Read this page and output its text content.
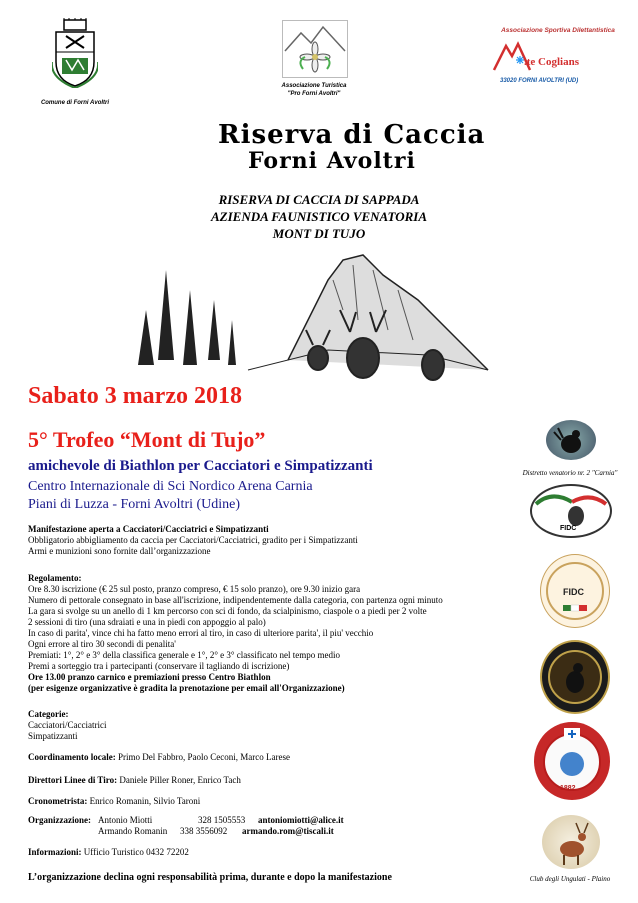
Comune di Forni Avoltri
Associazione Turistica
"Pro Forni Avoltri"
Associazione Sportiva Dilettantistica
.te Coglians
33020 FORNI AVOLTRI (UD)
Riserva di Caccia
Forni Avoltri
RISERVA DI CACCIA DI SAPPADA
AZIENDA FAUNISTICO VENATORIA
MONT DI TUJO
Sabato 3 marzo 2018
5° Trofeo “Mont di Tujo”
amichevole di Biathlon per Cacciatori e Simpatizzanti
Centro Internazionale di Sci Nordico Arena Carnia
Piani di Luzza - Forni Avoltri (Udine)
Manifestazione aperta a Cacciatori/Cacciatrici e Simpatizzanti
Obbligatorio abbigliamento da caccia per Cacciatori/Cacciatrici, gradito per i Simpatizzanti
Armi e munizioni sono fornite dall’organizzazione
Regolamento:
Ore 8.30 iscrizione (€ 25 sul posto, pranzo compreso, € 15 solo pranzo), ore 9.30 inizio gara
Numero di pettorale consegnato in base all'iscrizione, indipendentemente dalla categoria, con partenza ogni minuto
La gara si svolge su un anello di 1 km percorso con sci di fondo, da scialpinismo, ciaspole o a piedi per 2 volte
2 sessioni di tiro (una sdraiati e una in piedi con appoggio al palo)
In caso di parita', vince chi ha fatto meno errori al tiro, in caso di ulteriore parita', il piu' vecchio
Ogni errore al tiro 30 secondi di penalita'
Premiati: 1°, 2° e 3° della classifica generale e 1°, 2° e 3° classificato nel tempo medio
Premi a sorteggio tra i partecipanti (conservare il tagliando di iscrizione)
Ore 13.00 pranzo carnico e premiazioni presso Centro Biathlon
(per esigenze organizzative è gradita la prenotazione per email all'Organizzazione)
Categorie:
Cacciatori/Cacciatrici
Simpatizzanti
Coordinamento locale: Primo Del Fabbro, Paolo Ceconi, Marco Larese
Direttori Linee di Tiro: Daniele Piller Roner, Enrico Tach
Cronometrista: Enrico Romanin, Silvio Taroni
Organizzazione: Antonio Miotti	328 1505553 antoniomiotti@alice.it
Armando Romanin 338 3556092 armando.rom@tiscali.it
Informazioni: Ufficio Turistico 0432 72202
L’organizzazione declina ogni responsabilità prima, durante e dopo la manifestazione
Distretto venatorio nr. 2 "Carnia"
FIDC
FIDC
1882
Club degli Ungulati - Plaino
